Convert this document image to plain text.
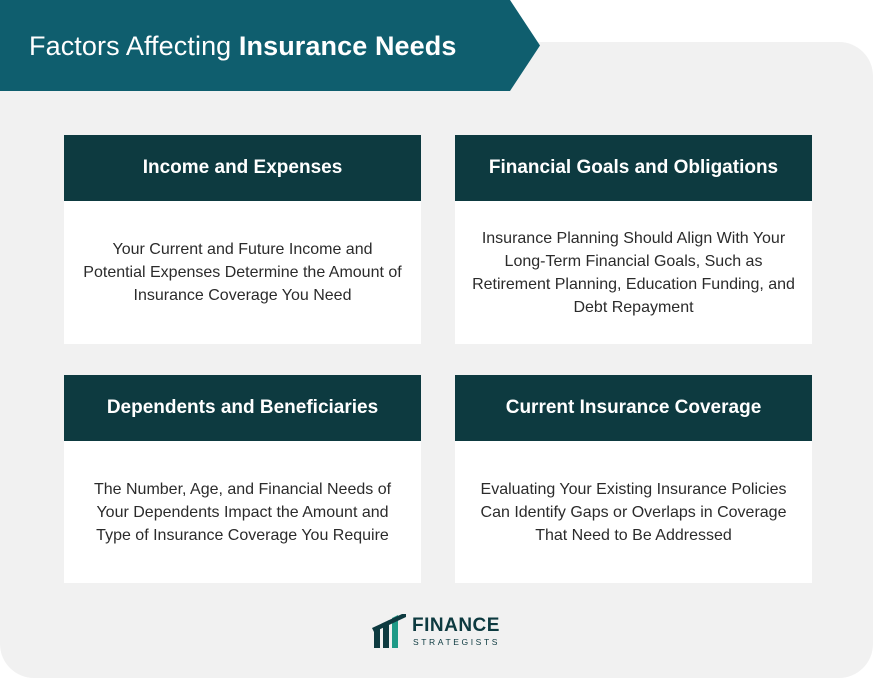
Factors Affecting Insurance Needs
Income and Expenses
Your Current and Future Income and Potential Expenses Determine the Amount of Insurance Coverage You Need
Financial Goals and Obligations
Insurance Planning Should Align With Your Long-Term Financial Goals, Such as Retirement Planning, Education Funding, and Debt Repayment
Dependents and Beneficiaries
The Number, Age, and Financial Needs of Your Dependents Impact the Amount and Type of Insurance Coverage You Require
Current Insurance Coverage
Evaluating Your Existing Insurance Policies Can Identify Gaps or Overlaps in Coverage That Need to Be Addressed
FINANCE
STRATEGISTS
